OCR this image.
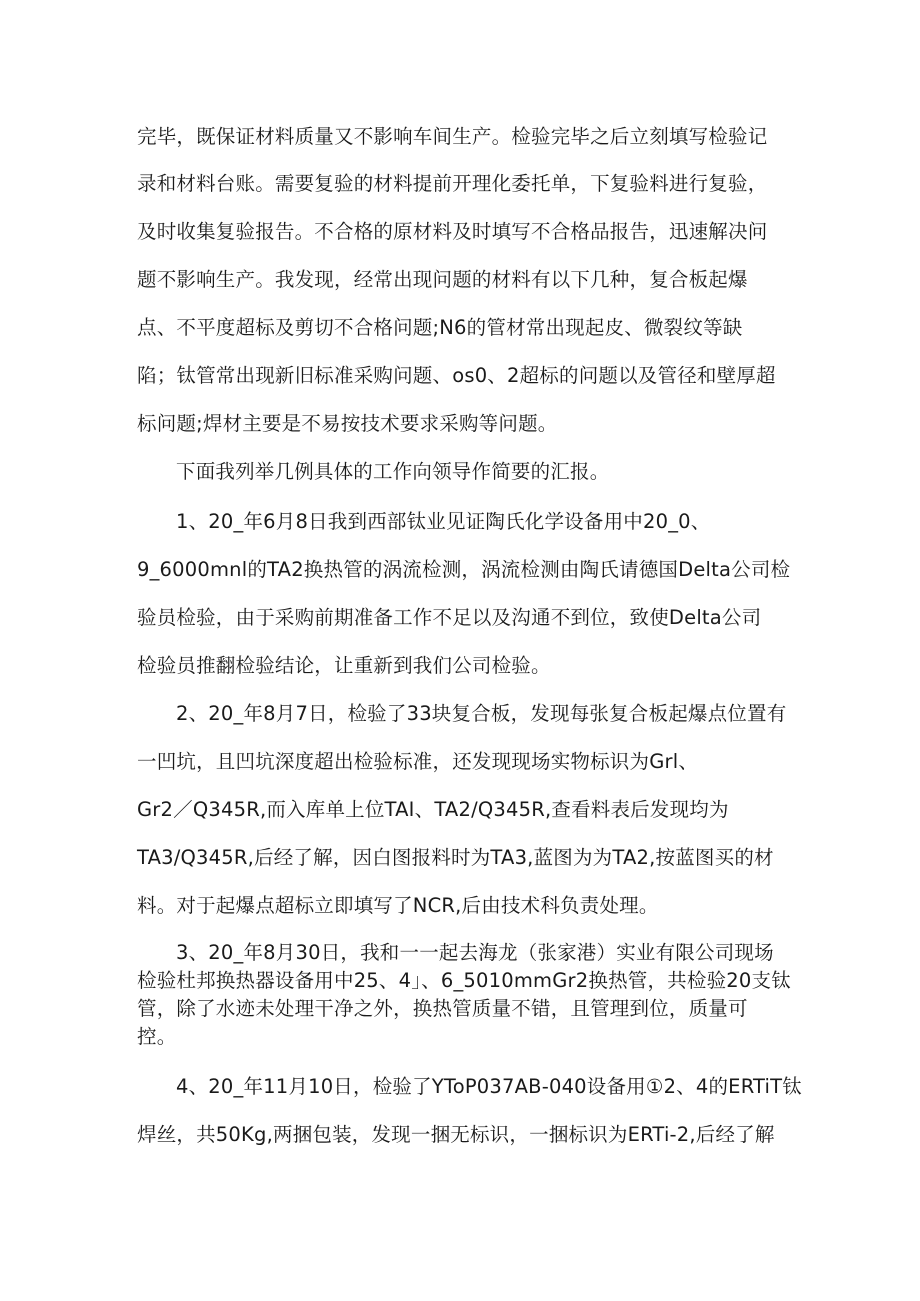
完毕，既保证材料质量又不影响车间生产。检验完毕之后立刻填写检验记
录和材料台账。需要复验的材料提前开理化委托单，下复验料进行复验，
及时收集复验报告。不合格的原材料及时填写不合格品报告，迅速解决问
题不影响生产。我发现，经常出现问题的材料有以下几种，复合板起爆
点、不平度超标及剪切不合格问题;N6的管材常出现起皮、微裂纹等缺
陷；钛管常出现新旧标准采购问题、os0、2超标的问题以及管径和壁厚超
标问题;焊材主要是不易按技术要求采购等问题。
下面我列举几例具体的工作向领导作简要的汇报。
1、20_年6月8日我到西部钛业见证陶氏化学设备用中20_0、
9_6000mnl的TA2换热管的涡流检测，涡流检测由陶氏请德国Delta公司检
验员检验，由于采购前期准备工作不足以及沟通不到位，致使Delta公司
检验员推翻检验结论，让重新到我们公司检验。
2、20_年8月7日，检验了33块复合板，发现每张复合板起爆点位置有
一凹坑，且凹坑深度超出检验标准，还发现现场实物标识为Grl、
Gr2／Q345R,而入库单上位TAI、TA2/Q345R,查看料表后发现均为
TA3/Q345R,后经了解，因白图报料时为TA3,蓝图为为TA2,按蓝图买的材
料。对于起爆点超标立即填写了NCR,后由技术科负责处理。
3、20_年8月30日，我和一一起去海龙（张家港）实业有限公司现场
检验杜邦换热器设备用中25、4」、6_5010mmGr2换热管，共检验20支钛
管，除了水迹未处理干净之外，换热管质量不错，且管理到位，质量可
控。
4、20_年11月10日，检验了YToP037AB-040设备用①2、4的ERTiT钛
焊丝，共50Kg,两捆包装，发现一捆无标识，一捆标识为ERTi-2,后经了解
